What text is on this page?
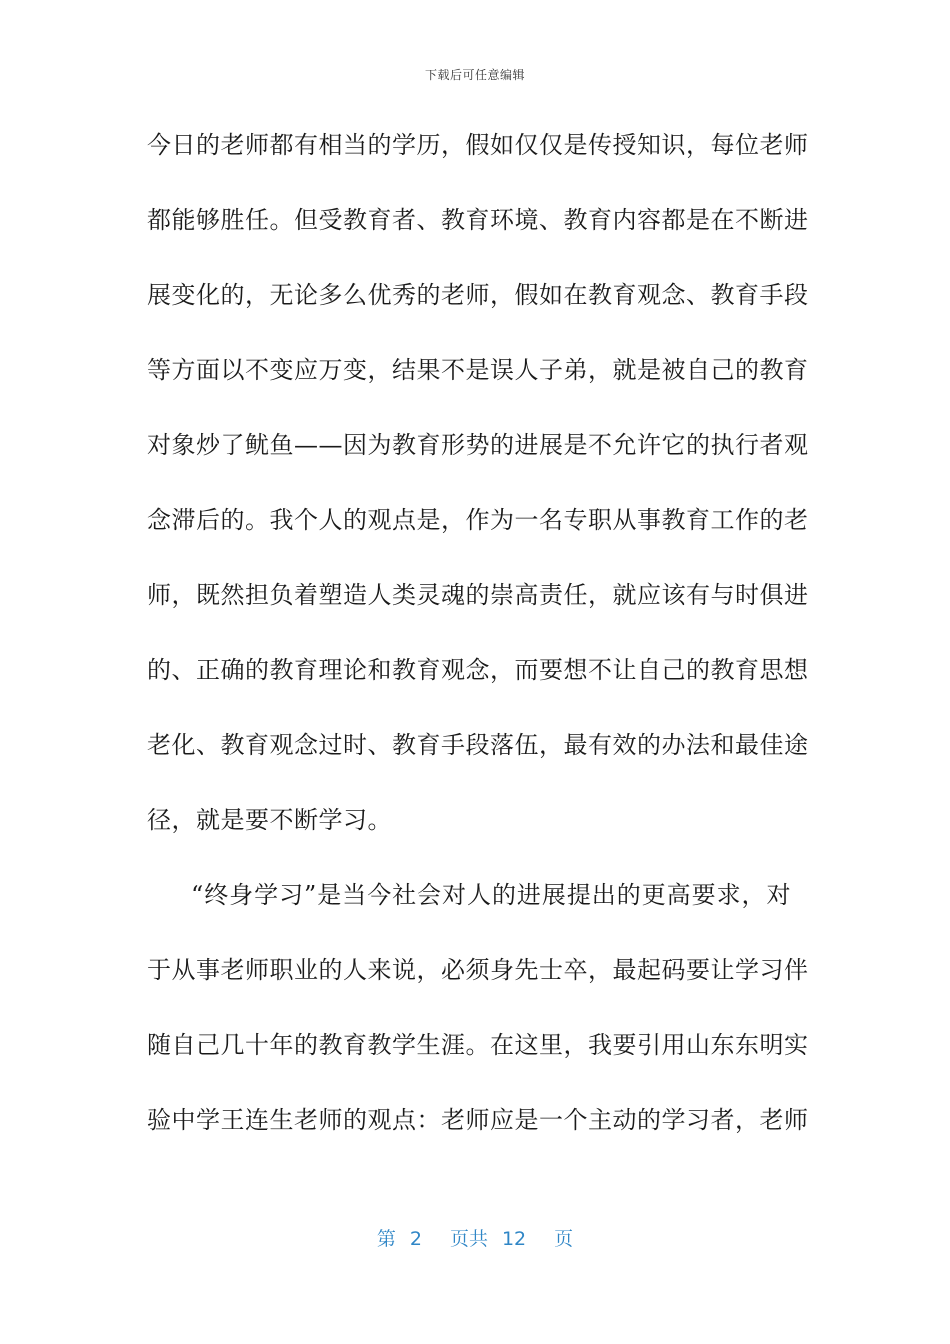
下载后可任意编辑
今日的老师都有相当的学历，假如仅仅是传授知识，每位老师
都能够胜任。但受教育者、教育环境、教育内容都是在不断进
展变化的，无论多么优秀的老师，假如在教育观念、教育手段
等方面以不变应万变，结果不是误人子弟，就是被自己的教育
对象炒了鱿鱼——因为教育形势的进展是不允许它的执行者观
念滞后的。我个人的观点是，作为一名专职从事教育工作的老
师，既然担负着塑造人类灵魂的崇高责任，就应该有与时俱进
的、正确的教育理论和教育观念，而要想不让自己的教育思想
老化、教育观念过时、教育手段落伍，最有效的办法和最佳途
径，就是要不断学习。
“终身学习”是当今社会对人的进展提出的更高要求，对
于从事老师职业的人来说，必须身先士卒，最起码要让学习伴
随自己几十年的教育教学生涯。在这里，我要引用山东东明实
验中学王连生老师的观点：老师应是一个主动的学习者，老师
第 2 页共 12 页
